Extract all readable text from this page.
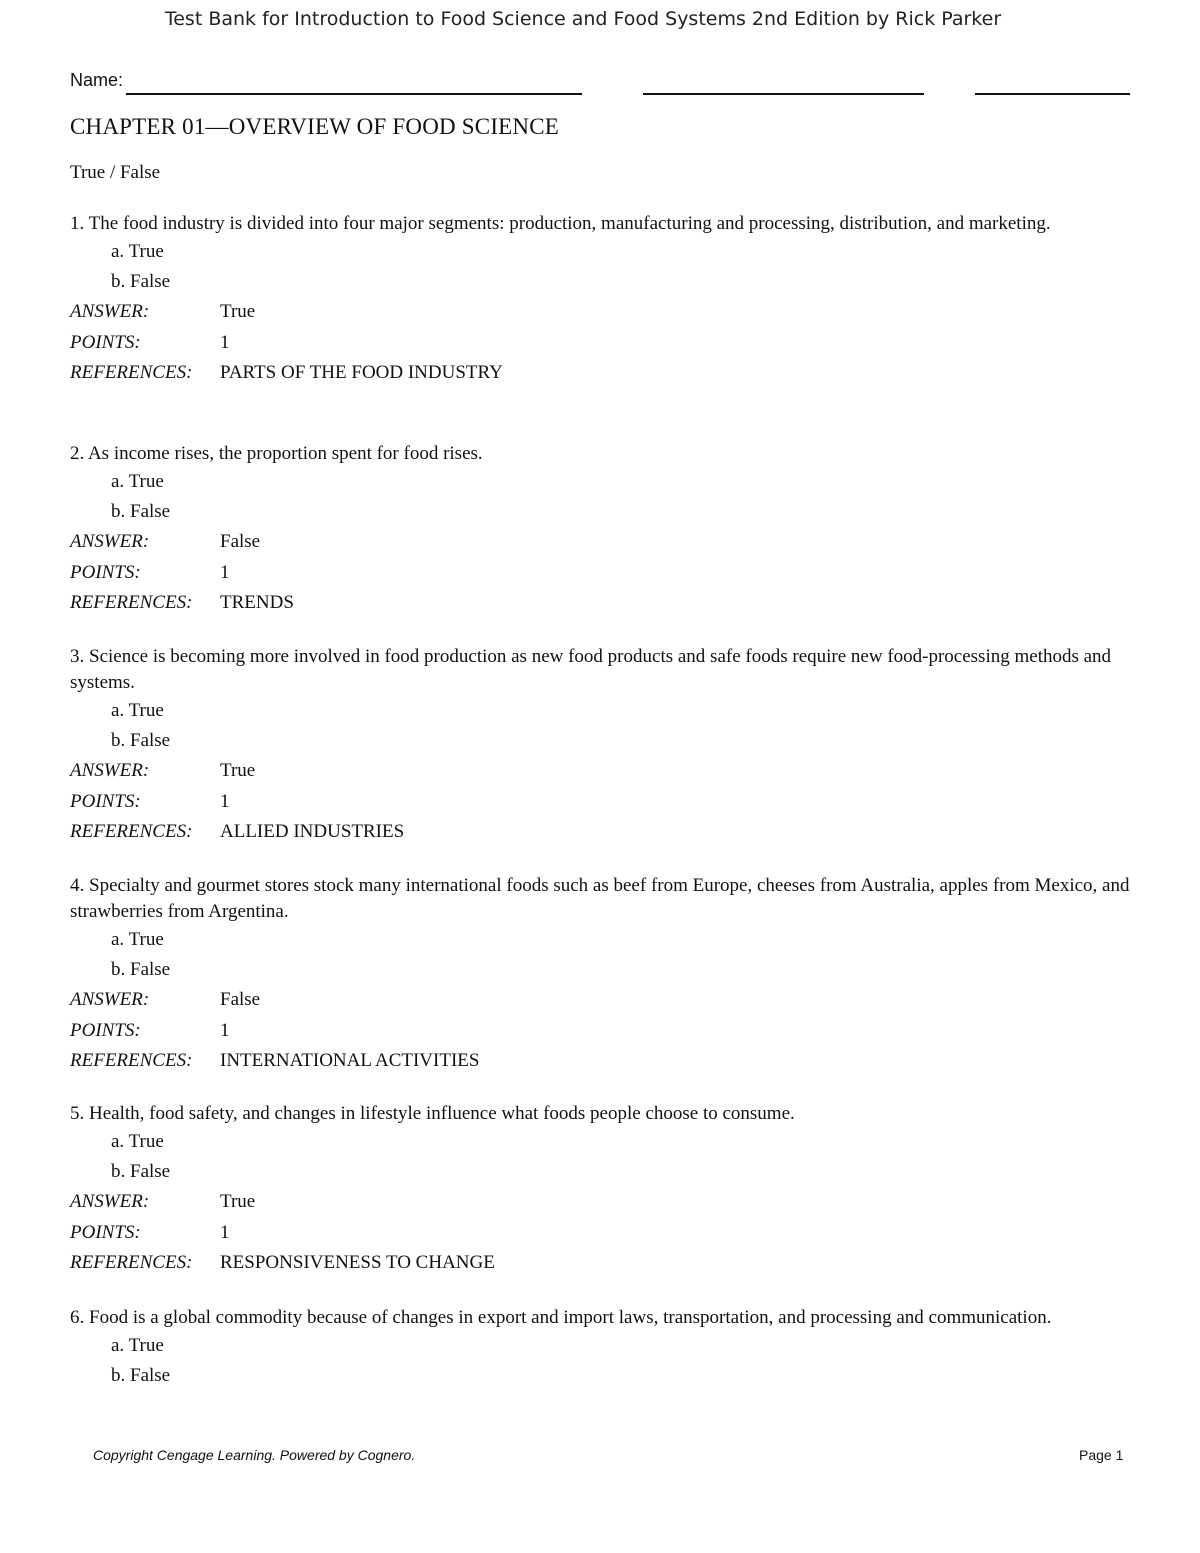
Test Bank for Introduction to Food Science and Food Systems 2nd Edition by Rick Parker
Name:
CHAPTER 01—OVERVIEW OF FOOD SCIENCE
True / False

1. The food industry is divided into four major segments: production, manufacturing and processing, distribution, and marketing.

a. True
b. False
ANSWER:	True
POINTS:	1
REFERENCES: PARTS OF THE FOOD INDUSTRY

2. As income rises, the proportion spent for food rises.

a. True
b. False
ANSWER:	False
POINTS:	1
REFERENCES: TRENDS

3. Science is becoming more involved in food production as new food products and safe foods require new food-processing methods and systems.

a. True
b. False
ANSWER:	True
POINTS:	1
REFERENCES: ALLIED INDUSTRIES

4. Specialty and gourmet stores stock many international foods such as beef from Europe, cheeses from Australia, apples from Mexico, and strawberries from Argentina.

a. True
b. False
ANSWER:	False
POINTS:	1
REFERENCES: INTERNATIONAL ACTIVITIES

5. Health, food safety, and changes in lifestyle influence what foods people choose to consume.

a. True
b. False
ANSWER:	True
POINTS:	1
REFERENCES: RESPONSIVENESS TO CHANGE

6. Food is a global commodity because of changes in export and import laws, transportation, and processing and communication.

a. True
b. False
Copyright Cengage Learning. Powered by Cognero.	Page 1
